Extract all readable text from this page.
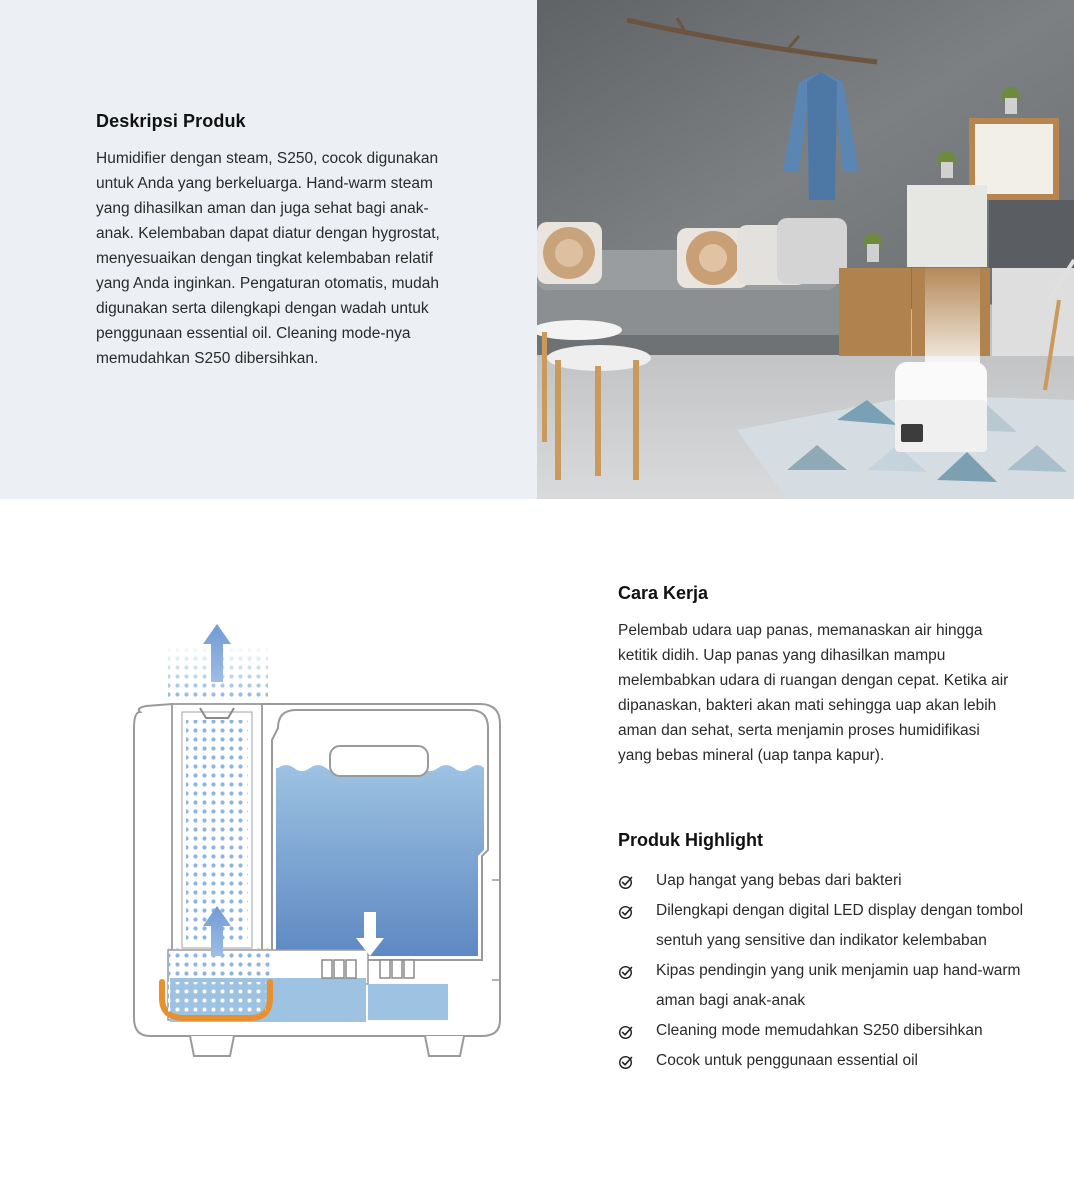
Deskripsi Produk

Humidifier dengan steam, S250, cocok digunakan untuk Anda yang berkeluarga. Hand-warm steam yang dihasilkan aman dan juga sehat bagi anak-anak. Kelembaban dapat diatur dengan hygrostat, menyesuaikan dengan tingkat kelembaban relatif yang Anda inginkan. Pengaturan otomatis, mudah digunakan serta dilengkapi dengan wadah untuk penggunaan essential oil. Cleaning mode-nya memudahkan S250 dibersihkan.

Cara Kerja

Pelembab udara uap panas, memanaskan air hingga ketitik didih. Uap panas yang dihasilkan mampu melembabkan udara di ruangan dengan cepat. Ketika air dipanaskan, bakteri akan mati sehingga uap akan lebih aman dan sehat, serta menjamin proses humidifikasi yang bebas mineral (uap tanpa kapur).

Produk Highlight
Uap hangat yang bebas dari bakteri
Dilengkapi dengan digital LED display dengan tombol sentuh yang sensitive dan indikator kelembaban
Kipas pendingin yang unik menjamin uap hand-warm aman bagi anak-anak
Cleaning mode memudahkan S250 dibersihkan
Cocok untuk penggunaan essential oil
